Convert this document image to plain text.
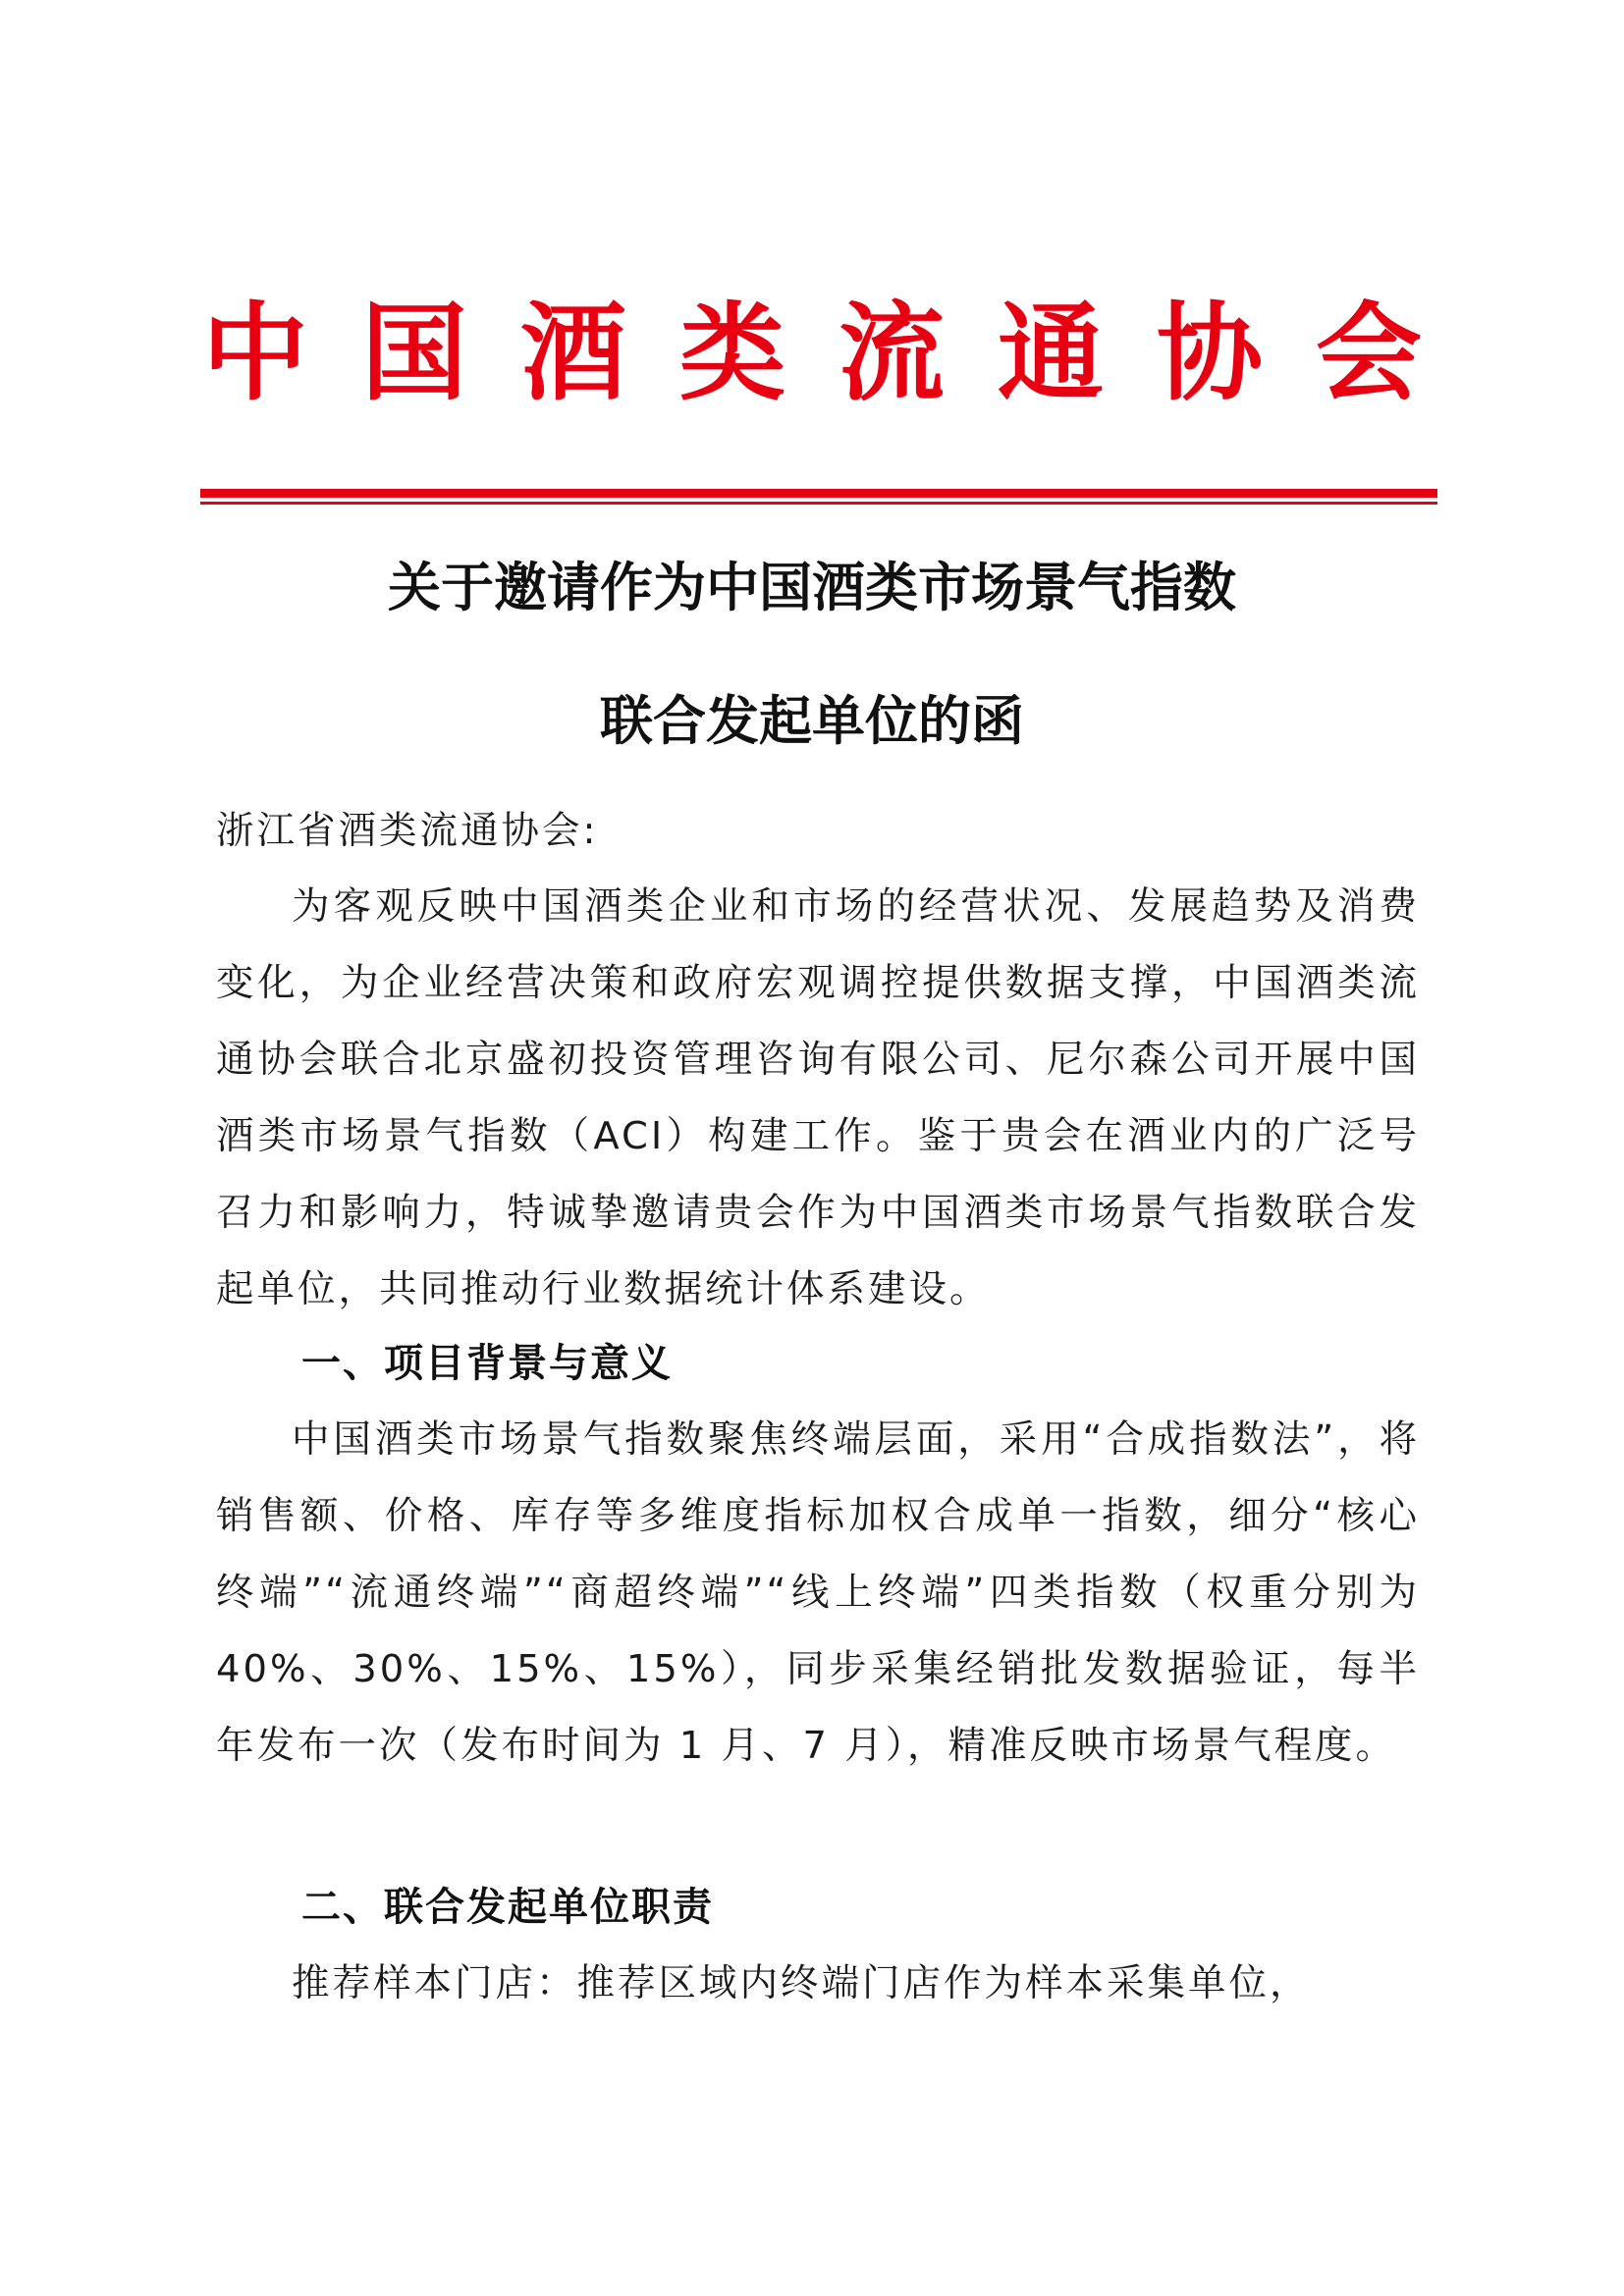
中 国 酒 类 流 通 协 会
关于邀请作为中国酒类市场景气指数
联合发起单位的函

浙江省酒类流通协会:

为客观反映中国酒类企业和市场的经营状况、发展趋势及消费变化，为企业经营决策和政府宏观调控提供数据支撑，中国酒类流通协会联合北京盛初投资管理咨询有限公司、尼尔森公司开展中国酒类市场景气指数（ACI）构建工作。鉴于贵会在酒业内的广泛号召力和影响力，特诚挚邀请贵会作为中国酒类市场景气指数联合发起单位，共同推动行业数据统计体系建设。

一、项目背景与意义

中国酒类市场景气指数聚焦终端层面，采用“合成指数法”，将销售额、价格、库存等多维度指标加权合成单一指数，细分“核心终端”“流通终端”“商超终端”“线上终端”四类指数（权重分别为 40%、30%、15%、15%），同步采集经销批发数据验证，每半年发布一次（发布时间为 1 月、7 月），精准反映市场景气程度。

二、联合发起单位职责

推荐样本门店：推荐区域内终端门店作为样本采集单位，
